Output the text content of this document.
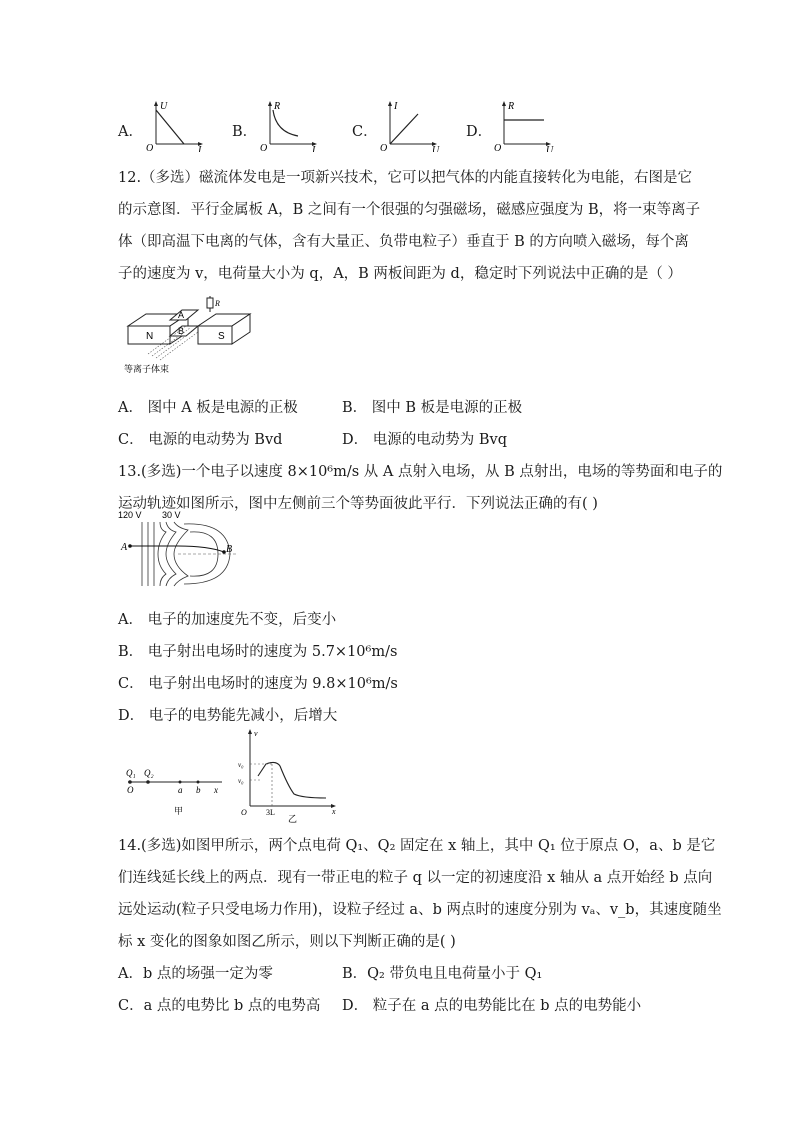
A．
U
O	I
B．
R
O	I
C．
I
O	U
D．
R
O	U
12.（多选）磁流体发电是一项新兴技术，它可以把气体的内能直接转化为电能，右图是它
的示意图．平行金属板 A，B 之间有一个很强的匀强磁场，磁感应强度为 B，将一束等离子
体（即高温下电离的气体，含有大量正、负带电粒子）垂直于 B 的方向喷入磁场，每个离
子的速度为 v，电荷量大小为 q，A，B 两板间距为 d，稳定时下列说法中正确的是（ ）
N	S
A
B
R
等离子体束
A． 图中 A 板是电源的正极	B． 图中 B 板是电源的正极
C． 电源的电动势为 Bvd	D． 电源的电动势为 Bvq
13.(多选)一个电子以速度 8×10⁶m/s 从 A 点射入电场，从 B 点射出，电场的等势面和电子的
运动轨迹如图所示，图中左侧前三个等势面彼此平行．下列说法正确的有( )
120 V 30 V
A	B
A． 电子的加速度先不变，后变小
B． 电子射出电场时的速度为 5.7×10⁶m/s
C． 电子射出电场时的速度为 9.8×10⁶m/s
D． 电子的电势能先减小，后增大
Q₁ Q₂
O	a b x
甲
v
v₀
v₀
O 3L	x
乙
14.(多选)如图甲所示，两个点电荷 Q₁、Q₂ 固定在 x 轴上，其中 Q₁ 位于原点 O，a、b 是它
们连线延长线上的两点．现有一带正电的粒子 q 以一定的初速度沿 x 轴从 a 点开始经 b 点向
远处运动(粒子只受电场力作用)，设粒子经过 a、b 两点时的速度分别为 vₐ、v_b，其速度随坐
标 x 变化的图象如图乙所示，则以下判断正确的是( )
A．b 点的场强一定为零	B．Q₂ 带负电且电荷量小于 Q₁
C．a 点的电势比 b 点的电势高 D． 粒子在 a 点的电势能比在 b 点的电势能小
